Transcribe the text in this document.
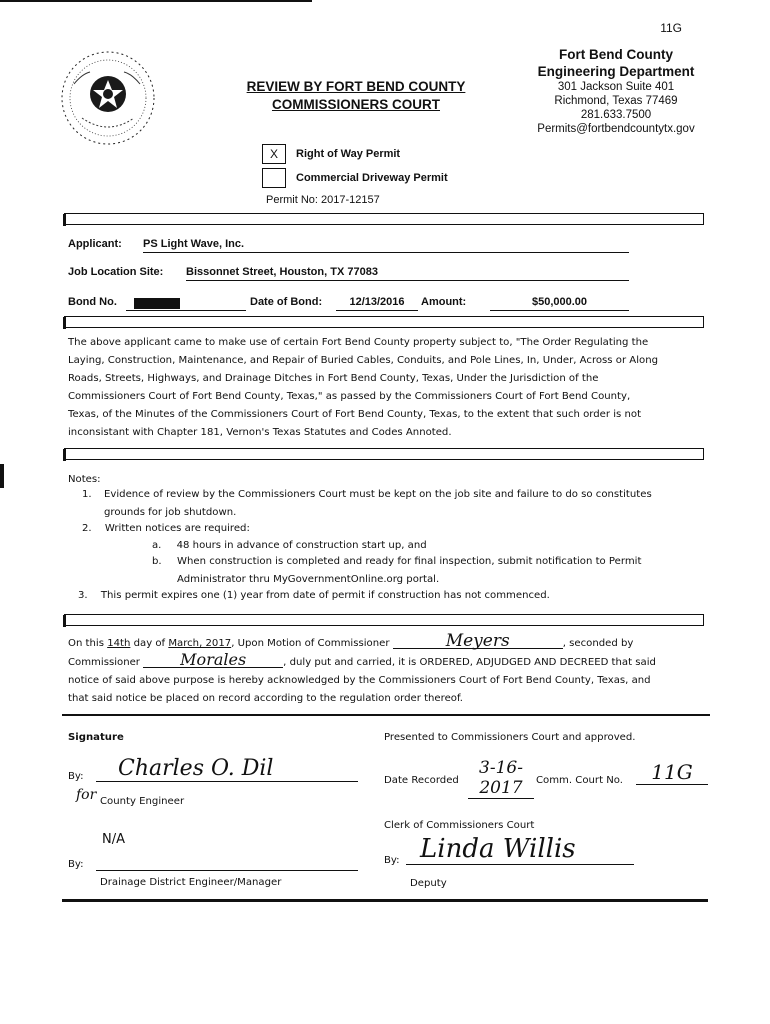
11G
REVIEW BY FORT BEND COUNTY
COMMISSIONERS COURT
Fort Bend County
Engineering Department
301 Jackson Suite 401
Richmond, Texas 77469
281.633.7500
Permits@fortbendcountytx.gov
X	Right of Way Permit
Commercial Driveway Permit
Permit No: 2017-12157
Applicant: PS Light Wave, Inc.
Job Location Site: Bissonnet Street, Houston, TX 77083
Bond No.	Date of Bond:	12/13/2016	Amount:	$50,000.00
The above applicant came to make use of certain Fort Bend County property subject to, "The Order Regulating the
Laying, Construction, Maintenance, and Repair of Buried Cables, Conduits, and Pole Lines, In, Under, Across or Along
Roads, Streets, Highways, and Drainage Ditches in Fort Bend County, Texas, Under the Jurisdiction of the
Commissioners Court of Fort Bend County, Texas," as passed by the Commissioners Court of Fort Bend County,
Texas, of the Minutes of the Commissioners Court of Fort Bend County, Texas, to the extent that such order is not
inconsistant with Chapter 181, Vernon's Texas Statutes and Codes Annoted.
Notes:
1. Evidence of review by the Commissioners Court must be kept on the job site and failure to do so constitutes
grounds for job shutdown.
2. Written notices are required:
a. 48 hours in advance of construction start up, and
b. When construction is completed and ready for final inspection, submit notification to Permit
Administrator thru MyGovernmentOnline.org portal.
3. This permit expires one (1) year from date of permit if construction has not commenced.
On this 14th day of March, 2017, Upon Motion of Commissioner	Meyers	, seconded by
Commissioner	Morales	, duly put and carried, it is ORDERED, ADJUDGED AND DECREED that said
notice of said above purpose is hereby acknowledged by the Commissioners Court of Fort Bend County, Texas, and
that said notice be placed on record according to the regulation order thereof.
Signature
By:	Charles O. Dil
for County Engineer
N/A
By:
Drainage District Engineer/Manager
Presented to Commissioners Court and approved.
Date Recorded
3-16-2017	Comm. Court No.	11G
Clerk of Commissioners Court
By: Linda Willis
Deputy
